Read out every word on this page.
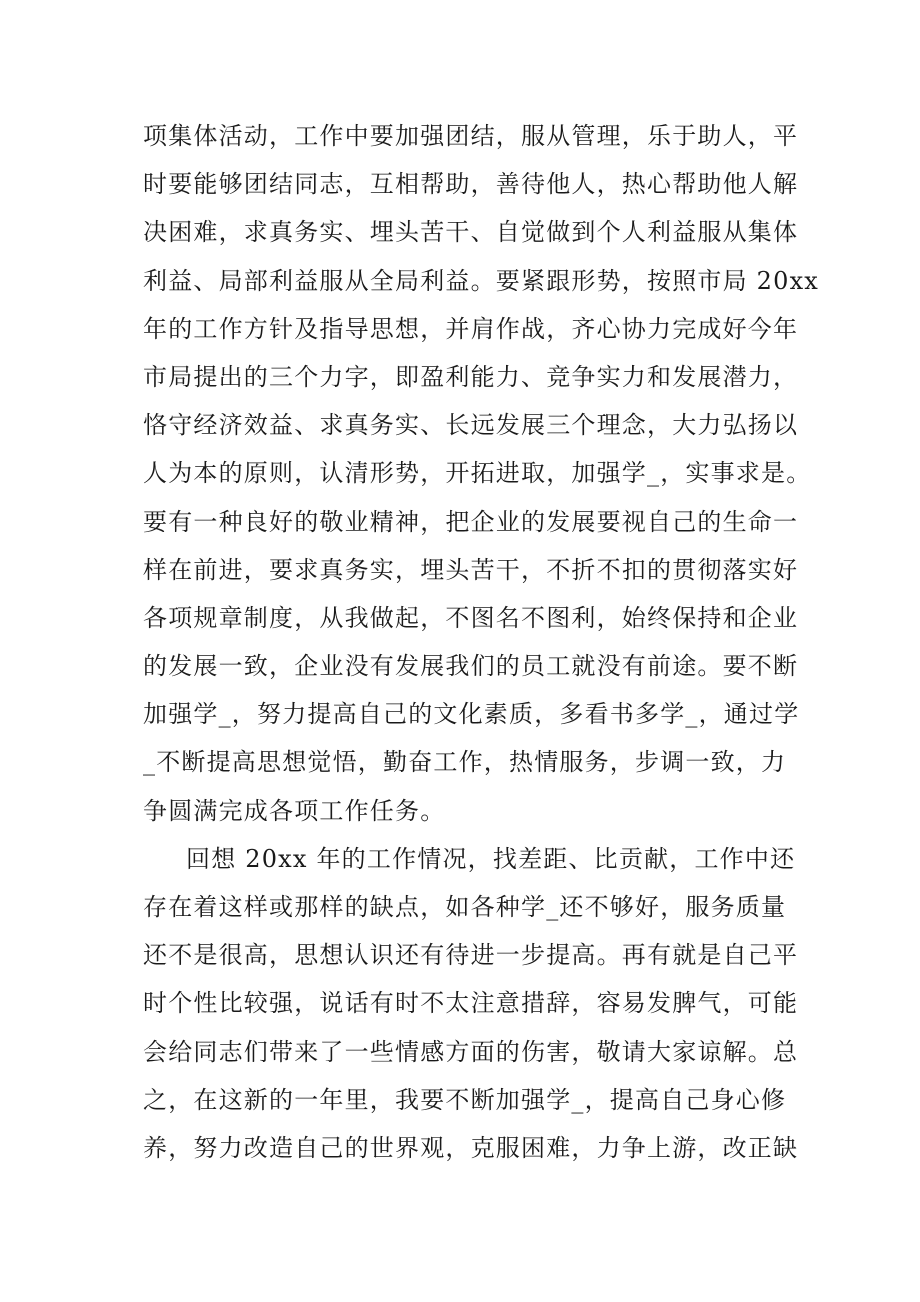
项集体活动，工作中要加强团结，服从管理，乐于助人，平
时要能够团结同志，互相帮助，善待他人，热心帮助他人解
决困难，求真务实、埋头苦干、自觉做到个人利益服从集体
利益、局部利益服从全局利益。要紧跟形势，按照市局 20xx
年的工作方针及指导思想，并肩作战，齐心协力完成好今年
市局提出的三个力字，即盈利能力、竞争实力和发展潜力，
恪守经济效益、求真务实、长远发展三个理念，大力弘扬以
人为本的原则，认清形势，开拓进取，加强学_，实事求是。
要有一种良好的敬业精神，把企业的发展要视自己的生命一
样在前进，要求真务实，埋头苦干，不折不扣的贯彻落实好
各项规章制度，从我做起，不图名不图利，始终保持和企业
的发展一致，企业没有发展我们的员工就没有前途。要不断
加强学_，努力提高自己的文化素质，多看书多学_，通过学
_不断提高思想觉悟，勤奋工作，热情服务，步调一致，力
争圆满完成各项工作任务。
回想 20xx 年的工作情况，找差距、比贡献，工作中还
存在着这样或那样的缺点，如各种学_还不够好，服务质量
还不是很高，思想认识还有待进一步提高。再有就是自己平
时个性比较强，说话有时不太注意措辞，容易发脾气，可能
会给同志们带来了一些情感方面的伤害，敬请大家谅解。总
之，在这新的一年里，我要不断加强学_，提高自己身心修
养，努力改造自己的世界观，克服困难，力争上游，改正缺
